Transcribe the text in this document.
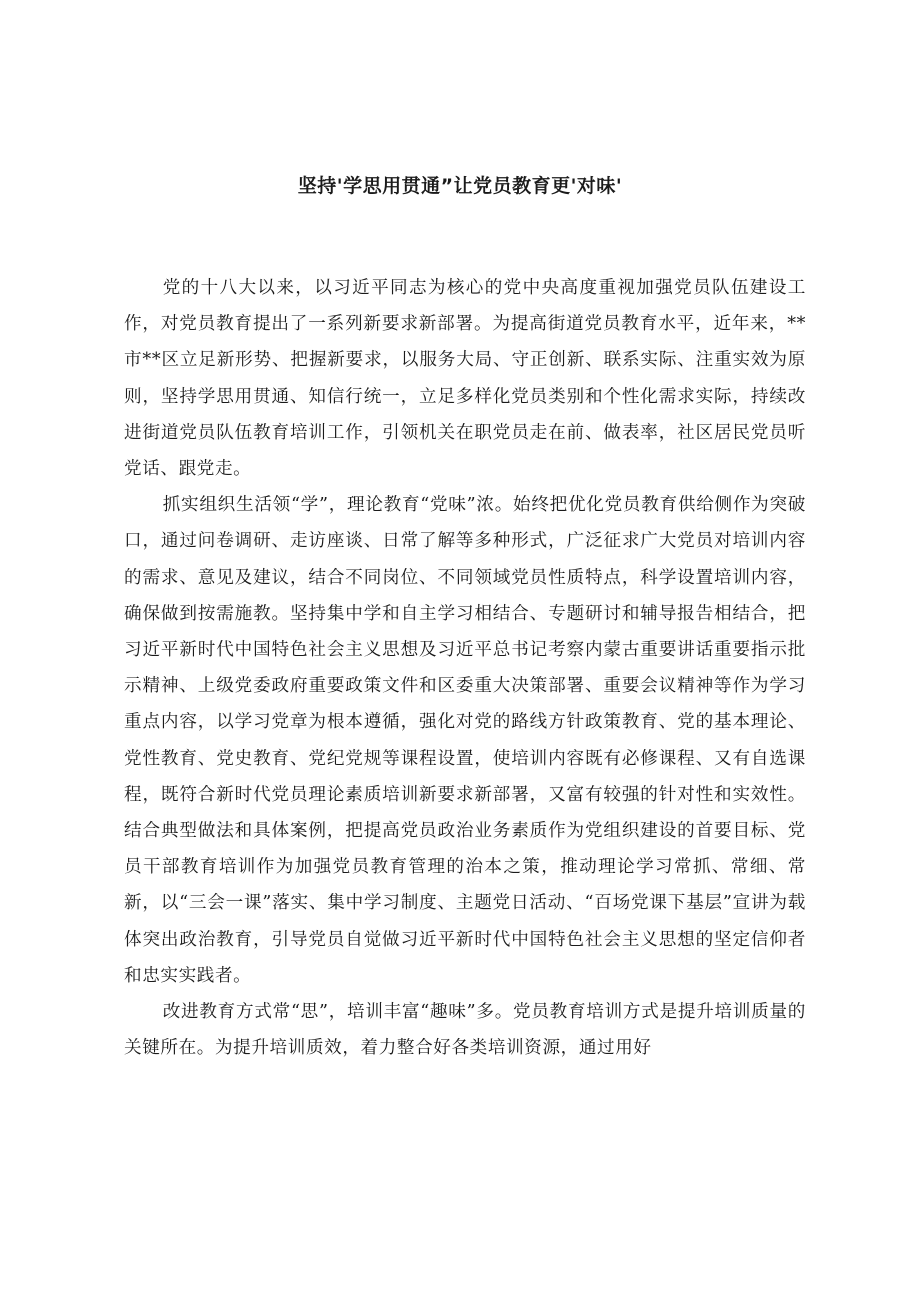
坚持'学思用贯通”让党员教育更'对味'

党的十八大以来，以习近平同志为核心的党中央高度重视加强党员队伍建设工作，对党员教育提出了一系列新要求新部署。为提高街道党员教育水平，近年来，**市**区立足新形势、把握新要求，以服务大局、守正创新、联系实际、注重实效为原则，坚持学思用贯通、知信行统一，立足多样化党员类别和个性化需求实际，持续改进街道党员队伍教育培训工作，引领机关在职党员走在前、做表率，社区居民党员听党话、跟党走。

抓实组织生活领“学”，理论教育“党味”浓。始终把优化党员教育供给侧作为突破口，通过问卷调研、走访座谈、日常了解等多种形式，广泛征求广大党员对培训内容的需求、意见及建议，结合不同岗位、不同领域党员性质特点，科学设置培训内容，确保做到按需施教。坚持集中学和自主学习相结合、专题研讨和辅导报告相结合，把习近平新时代中国特色社会主义思想及习近平总书记考察内蒙古重要讲话重要指示批示精神、上级党委政府重要政策文件和区委重大决策部署、重要会议精神等作为学习重点内容，以学习党章为根本遵循，强化对党的路线方针政策教育、党的基本理论、党性教育、党史教育、党纪党规等课程设置，使培训内容既有必修课程、又有自选课程，既符合新时代党员理论素质培训新要求新部署，又富有较强的针对性和实效性。结合典型做法和具体案例，把提高党员政治业务素质作为党组织建设的首要目标、党员干部教育培训作为加强党员教育管理的治本之策，推动理论学习常抓、常细、常新，以“三会一课”落实、集中学习制度、主题党日活动、“百场党课下基层”宣讲为载体突出政治教育，引导党员自觉做习近平新时代中国特色社会主义思想的坚定信仰者和忠实实践者。

改进教育方式常“思”，培训丰富“趣味”多。党员教育培训方式是提升培训质量的关键所在。为提升培训质效，着力整合好各类培训资源，通过用好
